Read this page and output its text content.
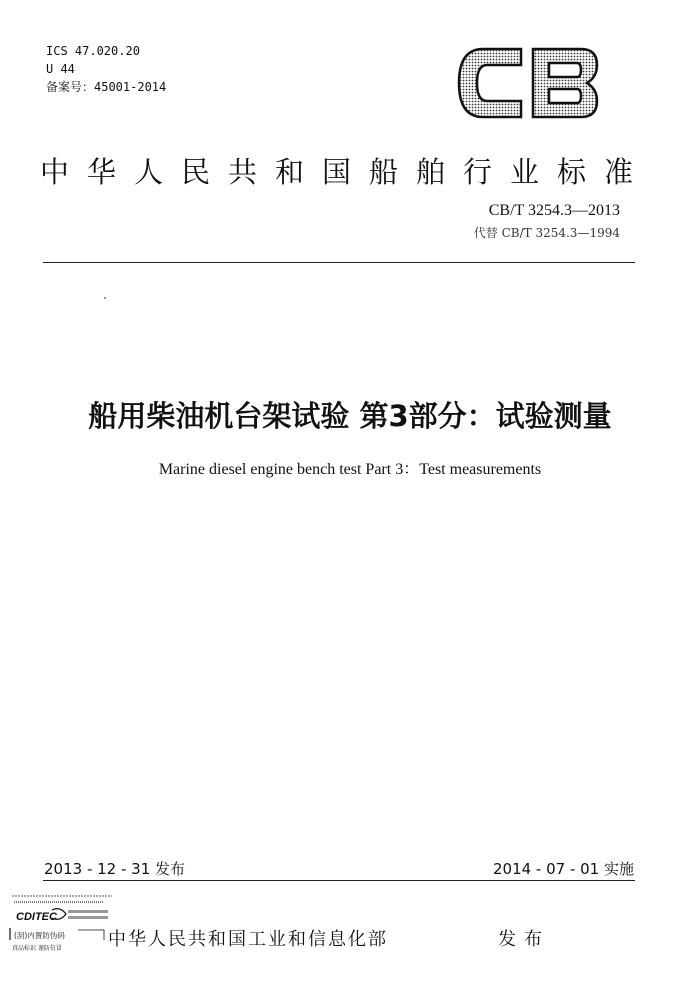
ICS 47.020.20
U 44
备案号：45001-2014
中华人民共和国船舶行业标准
CB/T 3254.3—2013
代替 CB/T 3254.3—1994
船用柴油机台架试验 第3部分：试验测量
Marine diesel engine bench test Part 3：Test measurements
2013 - 12 - 31 发布	2014 - 07 - 01 实施
CDITEC
(刮)内置防伪码
真品标识 谨防仿冒	中华人民共和国工业和信息化部	发布
